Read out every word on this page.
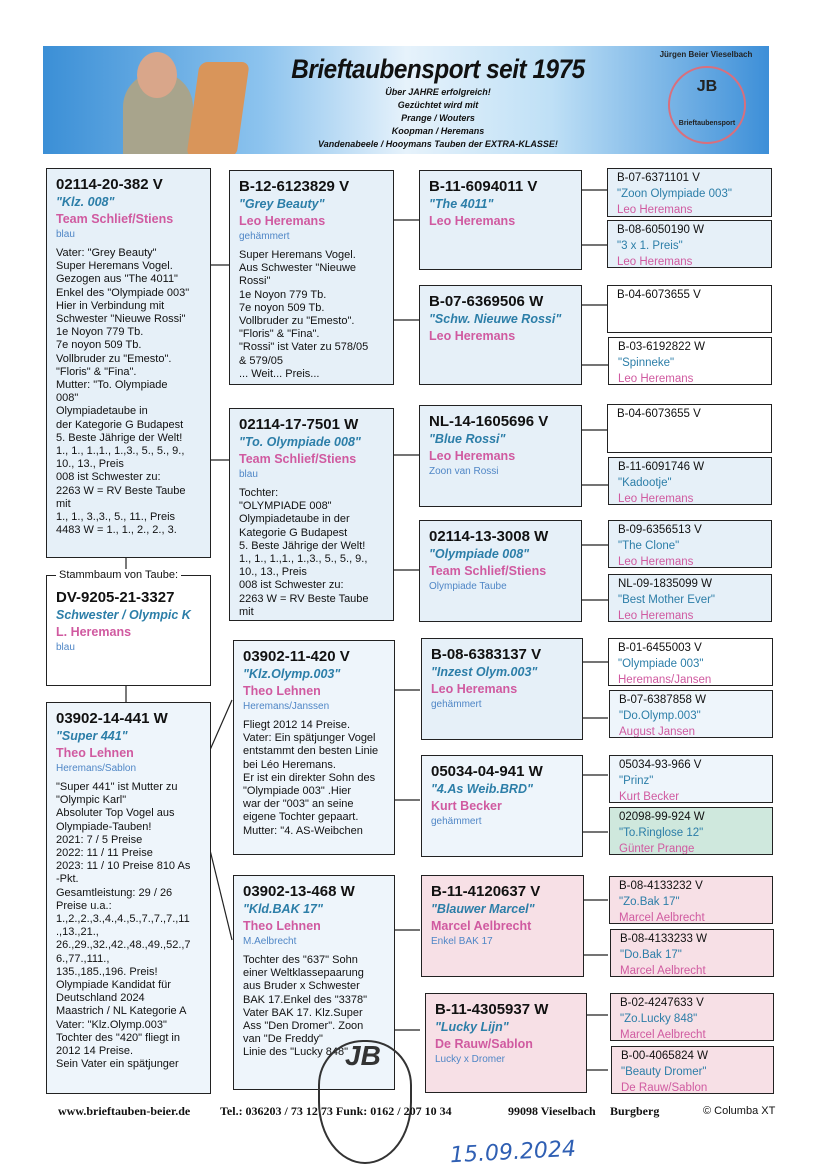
Brieftaubensport seit 1975
Über JAHRE erfolgreich!
Gezüchtet wird mit
Prange / Wouters
Koopman / Heremans
Vandenabeele / Hooymans Tauben der EXTRA-KLASSE!
Jürgen Beier Vieselbach
JB
Brieftaubensport
02114-20-382 V
"Klz. 008"
Team Schlief/Stiens
blau
Vater: "Grey Beauty"
Super Heremans Vogel.
Gezogen aus "The 4011"
Enkel des "Olympiade 003"
Hier in Verbindung mit
Schwester "Nieuwe Rossi"
1e Noyon 779 Tb.
7e noyon 509 Tb.
Vollbruder zu "Emesto".
"Floris" & "Fina".
Mutter: "To. Olympiade
008"
Olympiadetaube in
der Kategorie G Budapest
5. Beste Jährige der Welt!
1., 1., 1.,1., 1.,3., 5., 5., 9.,
10., 13., Preis
008 ist Schwester zu:
2263 W = RV Beste Taube
mit
1., 1., 3.,3., 5., 11., Preis
4483 W = 1., 1., 2., 2., 3.
DV-9205-21-3327
Schwester / Olympic K
L. Heremans
blau
Stammbaum von Taube:
03902-14-441 W
"Super 441"
Theo Lehnen
Heremans/Sablon
"Super 441" ist Mutter zu
"Olympic Karl"
Absoluter Top Vogel aus
Olympiade-Tauben!
2021: 7 / 5 Preise
2022: 11 / 11 Preise
2023: 11 / 10 Preise 810 As
-Pkt.
Gesamtleistung: 29 / 26
Preise u.a.:
1.,2.,2.,3.,4.,4.,5.,7.,7.,7.,11
.,13.,21.,
26.,29.,32.,42.,48.,49.,52.,7
6.,77.,111.,
135.,185.,196. Preis!
Olympiade Kandidat für
Deutschland 2024
Maastrich / NL Kategorie A
Vater: "Klz.Olymp.003"
Tochter des "420" fliegt in
2012 14 Preise.
Sein Vater ein spätjunger
B-12-6123829 V
"Grey Beauty"
Leo Heremans
gehämmert
Super Heremans Vogel.
Aus Schwester "Nieuwe
Rossi"
1e Noyon 779 Tb.
7e noyon 509 Tb.
Vollbruder zu "Emesto".
"Floris" & "Fina".
"Rossi" ist Vater zu 578/05
& 579/05
... Weit... Preis...
02114-17-7501 W
"To. Olympiade 008"
Team Schlief/Stiens
blau
Tochter:
"OLYMPIADE 008"
Olympiadetaube in der
Kategorie G Budapest
5. Beste Jährige der Welt!
1., 1., 1.,1., 1.,3., 5., 5., 9.,
10., 13., Preis
008 ist Schwester zu:
2263 W = RV Beste Taube
mit
03902-11-420 V
"Klz.Olymp.003"
Theo Lehnen
Heremans/Janssen
Fliegt 2012 14 Preise.
Vater: Ein spätjunger Vogel
entstammt den besten Linie
bei Léo Heremans.
Er ist ein direkter Sohn des
"Olympiade 003" .Hier
war der "003" an seine
eigene Tochter gepaart.
Mutter: "4. AS-Weibchen
03902-13-468 W
"Kld.BAK 17"
Theo Lehnen
M.Aelbrecht
Tochter des "637" Sohn
einer Weltklassepaarung
aus Bruder x Schwester
BAK 17.Enkel des "3378"
Vater BAK 17. Klz.Super
Ass "Den Dromer". Zoon
van "De Freddy"
Linie des "Lucky 848"
B-11-6094011 V
"The 4011"
Leo Heremans
B-07-6369506 W
"Schw. Nieuwe Rossi"
Leo Heremans
NL-14-1605696 V
"Blue Rossi"
Leo Heremans
Zoon van Rossi
02114-13-3008 W
"Olympiade 008"
Team Schlief/Stiens
Olympiade Taube
B-08-6383137 V
"Inzest Olym.003"
Leo Heremans
gehämmert
05034-04-941 W
"4.As Weib.BRD"
Kurt Becker
gehämmert
B-11-4120637 V
"Blauwer Marcel"
Marcel Aelbrecht
Enkel BAK 17
B-11-4305937 W
"Lucky Lijn"
De Rauw/Sablon
Lucky x Dromer
B-07-6371101 V
"Zoon Olympiade 003"
Leo Heremans
B-08-6050190 W
"3 x 1. Preis"
Leo Heremans
B-04-6073655 V
B-03-6192822 W
"Spinneke"
Leo Heremans
B-04-6073655 V
B-11-6091746 W
"Kadootje"
Leo Heremans
B-09-6356513 V
"The Clone"
Leo Heremans
NL-09-1835099 W
"Best Mother Ever"
Leo Heremans
B-01-6455003 V
"Olympiade 003"
Heremans/Jansen
B-07-6387858 W
"Do.Olymp.003"
August Jansen
05034-93-966 V
"Prinz"
Kurt Becker
02098-99-924 W
"To.Ringlose 12"
Günter Prange
B-08-4133232 V
"Zo.Bak 17"
Marcel Aelbrecht
B-08-4133233 W
"Do.Bak 17"
Marcel Aelbrecht
B-02-4247633 V
"Zo.Lucky 848"
Marcel Aelbrecht
B-00-4065824 W
"Beauty Dromer"
De Rauw/Sablon
JB
15.09.2024
www.brieftauben-beier.de Tel.: 036203 / 73 12 73 Funk: 0162 / 207 10 34	99098 Vieselbach Burgberg	© Columba XT
